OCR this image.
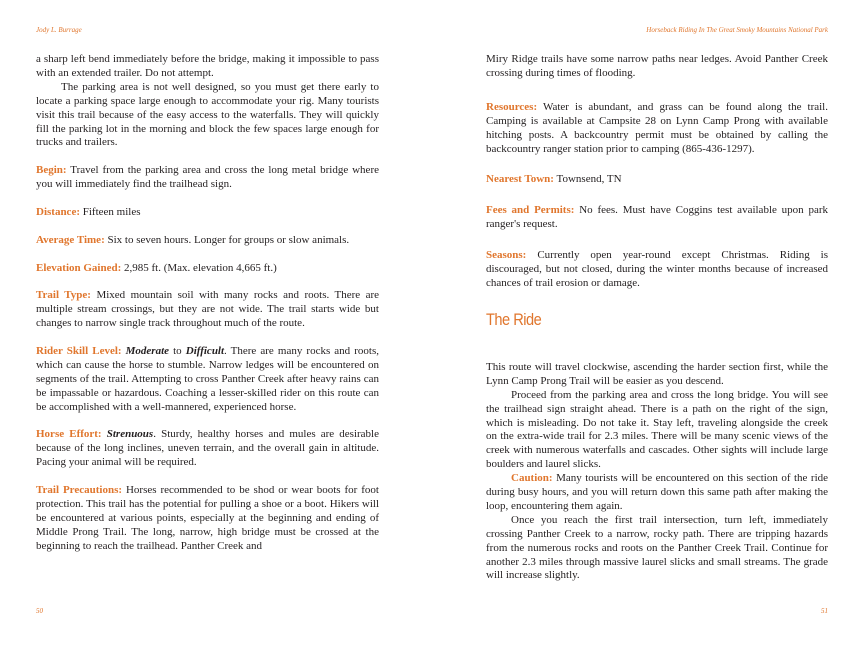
Jody L. Burrage

a sharp left bend immediately before the bridge, making it impossible to pass with an extended trailer. Do not attempt.

The parking area is not well designed, so you must get there early to locate a parking space large enough to accommodate your rig. Many tourists visit this trail because of the easy access to the waterfalls. They will quickly fill the parking lot in the morning and block the few spaces large enough for trucks and trailers.

Begin: Travel from the parking area and cross the long metal bridge where you will immediately find the trailhead sign.

Distance: Fifteen miles

Average Time: Six to seven hours. Longer for groups or slow animals.

Elevation Gained: 2,985 ft. (Max. elevation 4,665 ft.)

Trail Type: Mixed mountain soil with many rocks and roots. There are multiple stream crossings, but they are not wide. The trail starts wide but changes to narrow single track throughout much of the route.

Rider Skill Level: Moderate to Difficult. There are many rocks and roots, which can cause the horse to stumble. Narrow ledges will be encountered on segments of the trail. Attempting to cross Panther Creek after heavy rains can be impassable or hazardous. Coaching a lesser-skilled rider on this route can be accomplished with a well-mannered, experienced horse.

Horse Effort: Strenuous. Sturdy, healthy horses and mules are desirable because of the long inclines, uneven terrain, and the overall gain in altitude. Pacing your animal will be required.

Trail Precautions: Horses recommended to be shod or wear boots for foot protection. This trail has the potential for pulling a shoe or a boot. Hikers will be encountered at various points, especially at the beginning and ending of Middle Prong Trail. The long, narrow, high bridge must be crossed at the beginning to reach the trailhead. Panther Creek and

50
Horseback Riding In The Great Smoky Mountains National Park

Miry Ridge trails have some narrow paths near ledges. Avoid Panther Creek crossing during times of flooding.

Resources: Water is abundant, and grass can be found along the trail. Camping is available at Campsite 28 on Lynn Camp Prong with available hitching posts. A backcountry permit must be obtained by calling the backcountry ranger station prior to camping (865-436-1297).

Nearest Town: Townsend, TN

Fees and Permits: No fees. Must have Coggins test available upon park ranger's request.

Seasons: Currently open year-round except Christmas. Riding is discouraged, but not closed, during the winter months because of increased chances of trail erosion or damage.

The Ride

This route will travel clockwise, ascending the harder section first, while the Lynn Camp Prong Trail will be easier as you descend.

Proceed from the parking area and cross the long bridge. You will see the trailhead sign straight ahead. There is a path on the right of the sign, which is misleading. Do not take it. Stay left, traveling alongside the creek on the extra-wide trail for 2.3 miles. There will be many scenic views of the creek with numerous waterfalls and cascades. Other sights will include large boulders and laurel slicks.

Caution: Many tourists will be encountered on this section of the ride during busy hours, and you will return down this same path after making the loop, encountering them again.

Once you reach the first trail intersection, turn left, immediately crossing Panther Creek to a narrow, rocky path. There are tripping hazards from the numerous rocks and roots on the Panther Creek Trail. Continue for another 2.3 miles through massive laurel slicks and small streams. The grade will increase slightly.

51
